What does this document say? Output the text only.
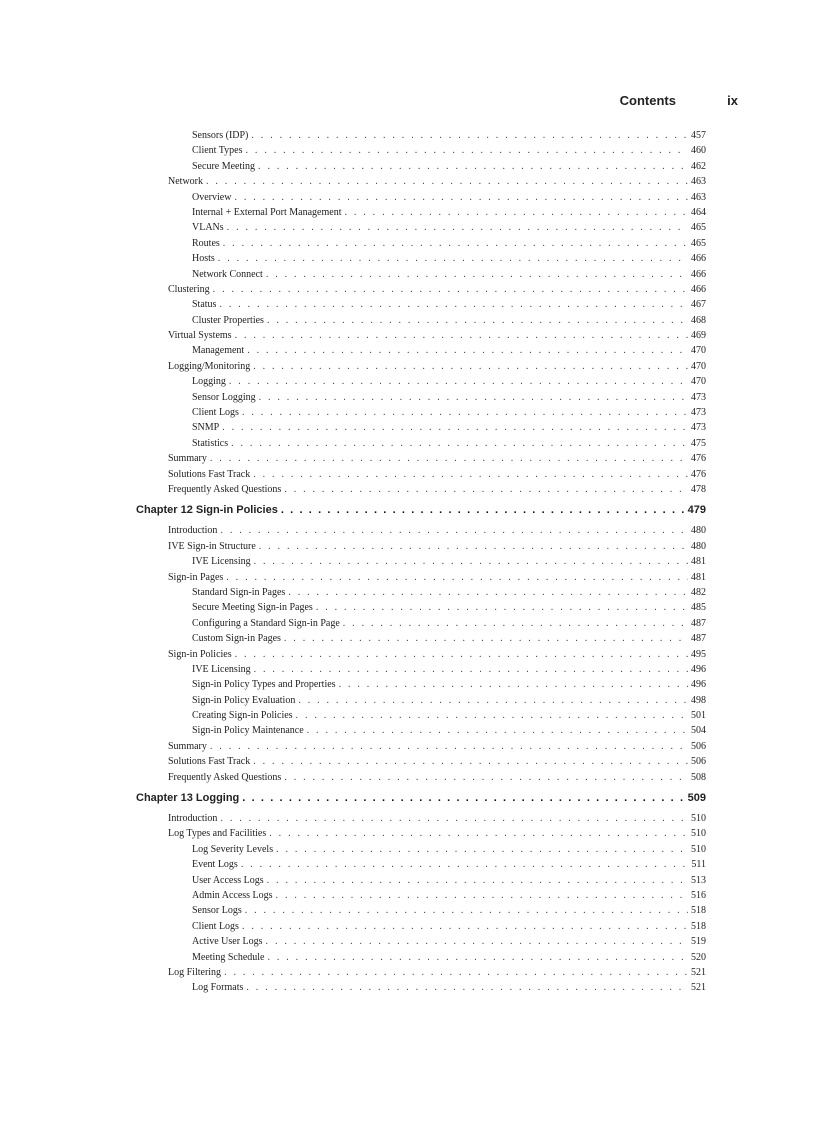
Contents	ix
Sensors (IDP) . . .	457
Client Types . . .	460
Secure Meeting . . .	462
Network . . .	463
Overview . . .	463
Internal + External Port Management . . .	464
VLANs . . .	465
Routes . . .	465
Hosts . . .	466
Network Connect . . .	466
Clustering . . .	466
Status . . .	467
Cluster Properties . . .	468
Virtual Systems . . .	469
Management . . .	470
Logging/Monitoring . . .	470
Logging . . .	470
Sensor Logging . . .	473
Client Logs . . .	473
SNMP . . .	473
Statistics . . .	475
Summary . . .	476
Solutions Fast Track . . .	476
Frequently Asked Questions . . .	478
Chapter 12 Sign-in Policies . . .	479
Introduction . . .	480
IVE Sign-in Structure . . .	480
IVE Licensing . . .	481
Sign-in Pages . . .	481
Standard Sign-in Pages . . .	482
Secure Meeting Sign-in Pages . . .	485
Configuring a Standard Sign-in Page . . .	487
Custom Sign-in Pages . . .	487
Sign-in Policies . . .	495
IVE Licensing . . .	496
Sign-in Policy Types and Properties . . .	496
Sign-in Policy Evaluation . . .	498
Creating Sign-in Policies . . .	501
Sign-in Policy Maintenance . . .	504
Summary . . .	506
Solutions Fast Track . . .	506
Frequently Asked Questions . . .	508
Chapter 13 Logging . . .	509
Introduction . . .	510
Log Types and Facilities . . .	510
Log Severity Levels . . .	510
Event Logs . . .	511
User Access Logs . . .	513
Admin Access Logs . . .	516
Sensor Logs . . .	518
Client Logs . . .	518
Active User Logs . . .	519
Meeting Schedule . . .	520
Log Filtering . . .	521
Log Formats . . .	521
